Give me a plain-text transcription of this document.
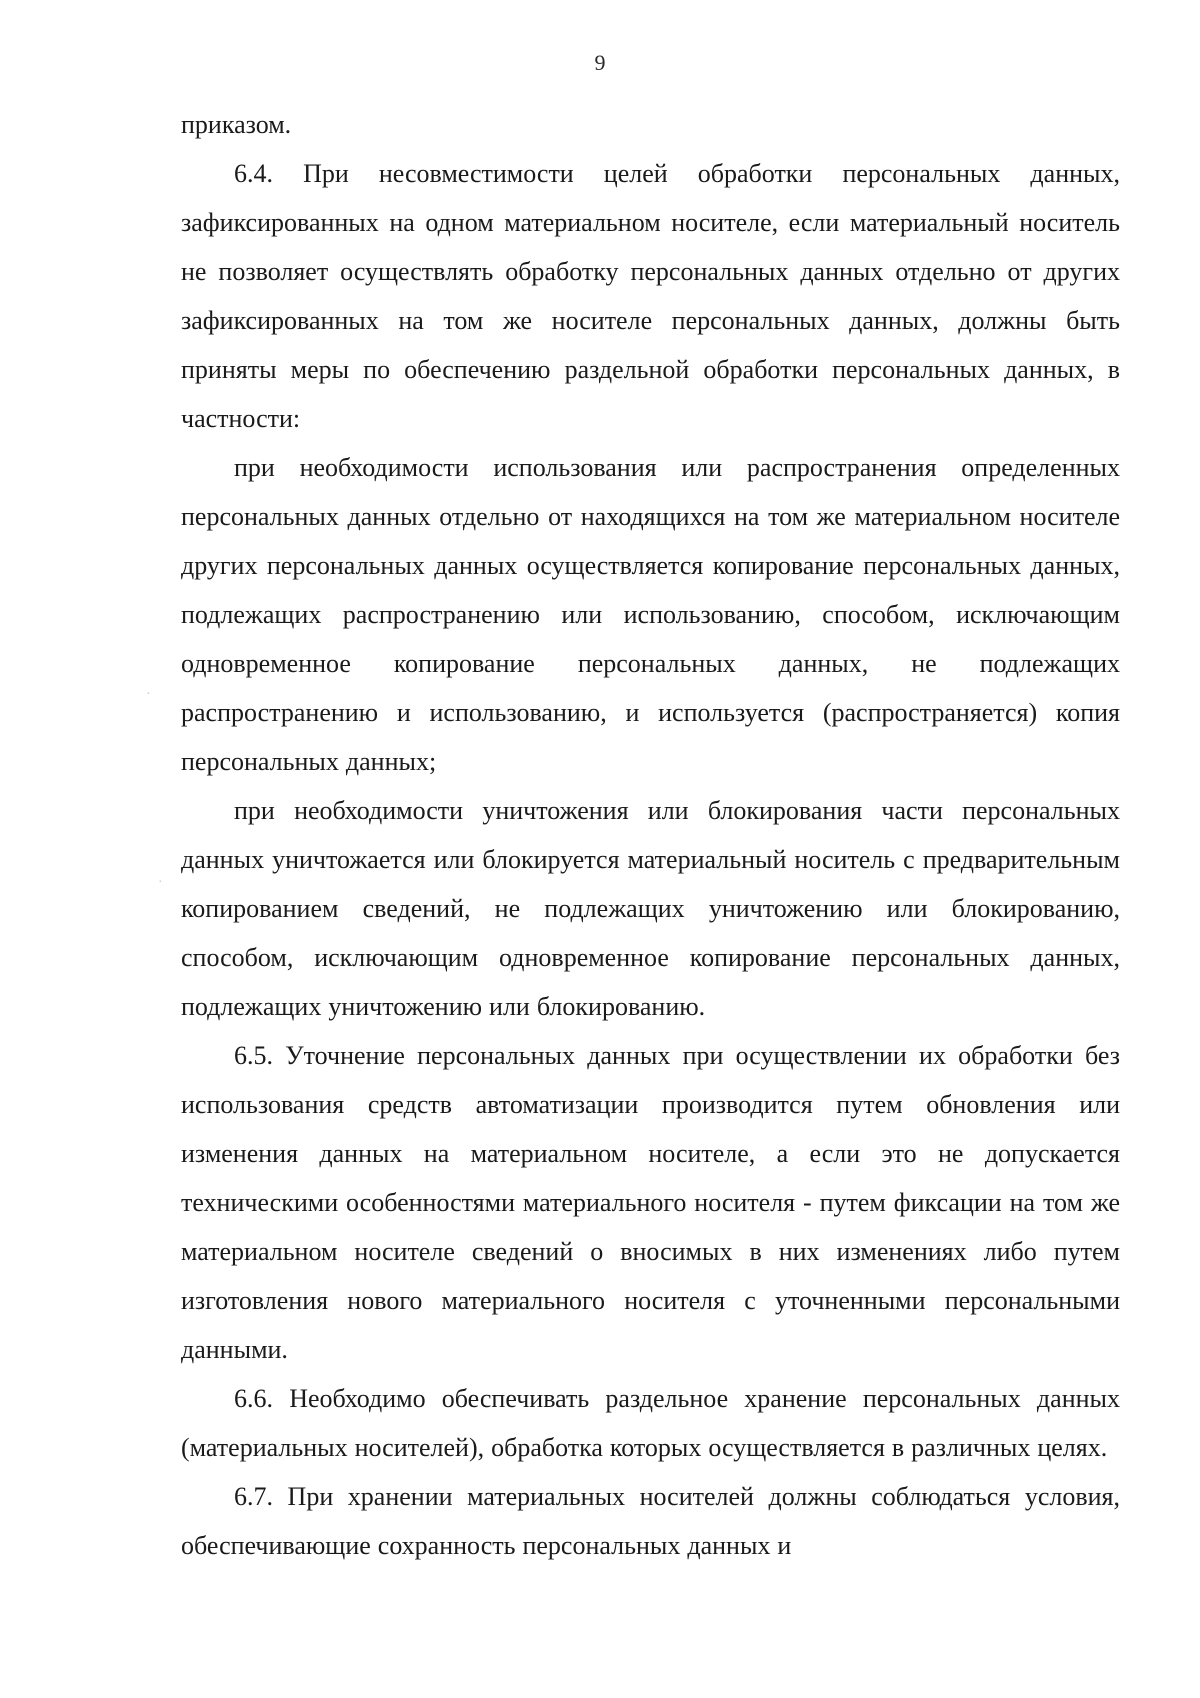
9
·
·

приказом.

6.4. При несовместимости целей обработки персональных данных, зафиксированных на одном материальном носителе, если материальный носитель не позволяет осуществлять обработку персональных данных отдельно от других зафиксированных на том же носителе персональных данных, должны быть приняты меры по обеспечению раздельной обработки персональных данных, в частности:

при необходимости использования или распространения определенных персональных данных отдельно от находящихся на том же материальном носителе других персональных данных осуществляется копирование персональных данных, подлежащих распространению или использованию, способом, исключающим одновременное копирование персональных данных, не подлежащих распространению и использованию, и используется (распространяется) копия персональных данных;

при необходимости уничтожения или блокирования части персональных данных уничтожается или блокируется материальный носитель с предварительным копированием сведений, не подлежащих уничтожению или блокированию, способом, исключающим одновременное копирование персональных данных, подлежащих уничтожению или блокированию.

6.5. Уточнение персональных данных при осуществлении их обработки без использования средств автоматизации производится путем обновления или изменения данных на материальном носителе, а если это не допускается техническими особенностями материального носителя - путем фиксации на том же материальном носителе сведений о вносимых в них изменениях либо путем изготовления нового материального носителя с уточненными персональными данными.

6.6. Необходимо обеспечивать раздельное хранение персональных данных (материальных носителей), обработка которых осуществляется в различных целях.

6.7. При хранении материальных носителей должны соблюдаться условия, обеспечивающие сохранность персональных данных и
